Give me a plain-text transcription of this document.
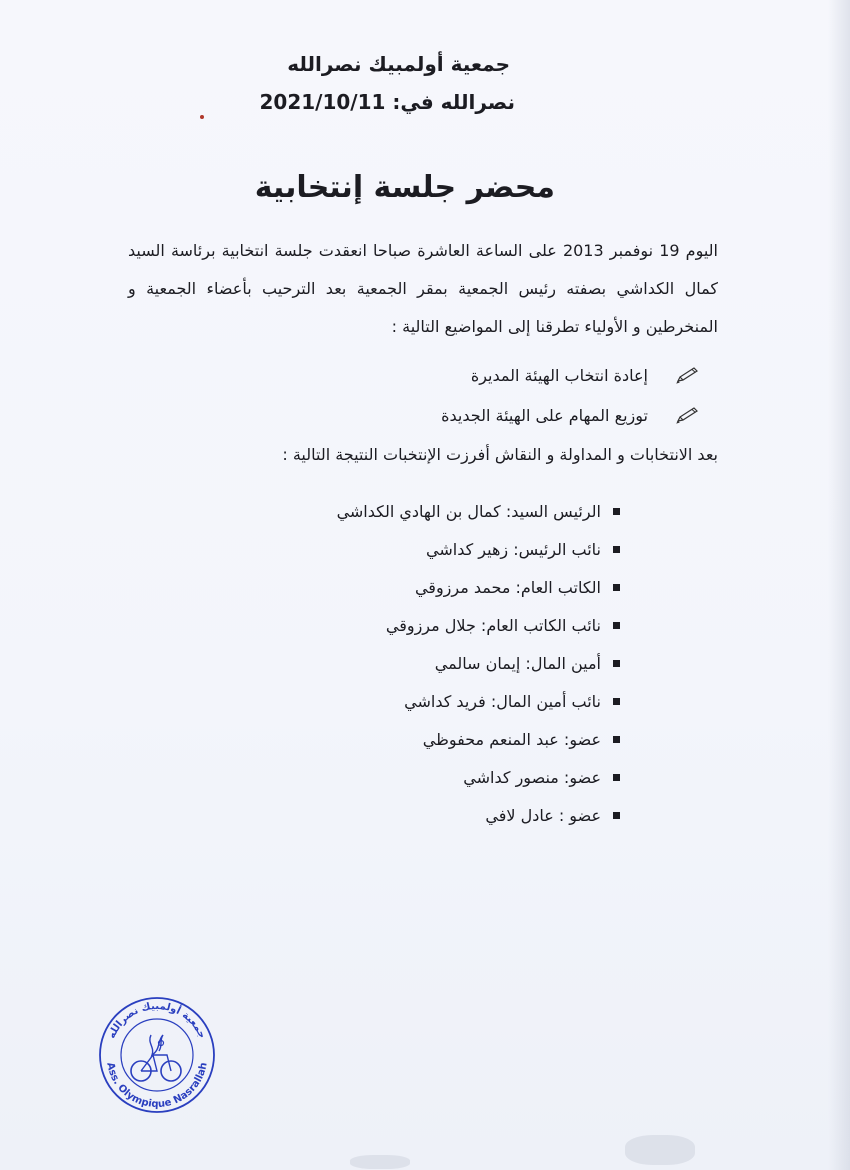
جمعية أولمبيك نصرالله
نصرالله في: 2021/10/11
محضر جلسة إنتخابية
اليوم 19 نوفمبر 2013 على الساعة العاشرة صباحا انعقدت جلسة انتخابية برئاسة السيد كمال الكداشي بصفته رئيس الجمعية بمقر الجمعية بعد الترحيب بأعضاء الجمعية و المنخرطين و الأولياء تطرقنا إلى المواضيع التالية :
إعادة انتخاب الهيئة المديرة
توزيع المهام على الهيئة الجديدة
بعد الانتخابات و المداولة و النقاش أفرزت الإنتخبات النتيجة التالية :
الرئيس السيد: كمال بن الهادي الكداشي
نائب الرئيس: زهير كداشي
الكاتب العام: محمد مرزوقي
نائب الكاتب العام: جلال مرزوقي
أمين المال: إيمان سالمي
نائب أمين المال: فريد كداشي
عضو: عبد المنعم محفوظي
عضو: منصور كداشي
عضو : عادل لافي
جمعية أولمبيك نصرالله
Ass. Olympique Nasrallah
